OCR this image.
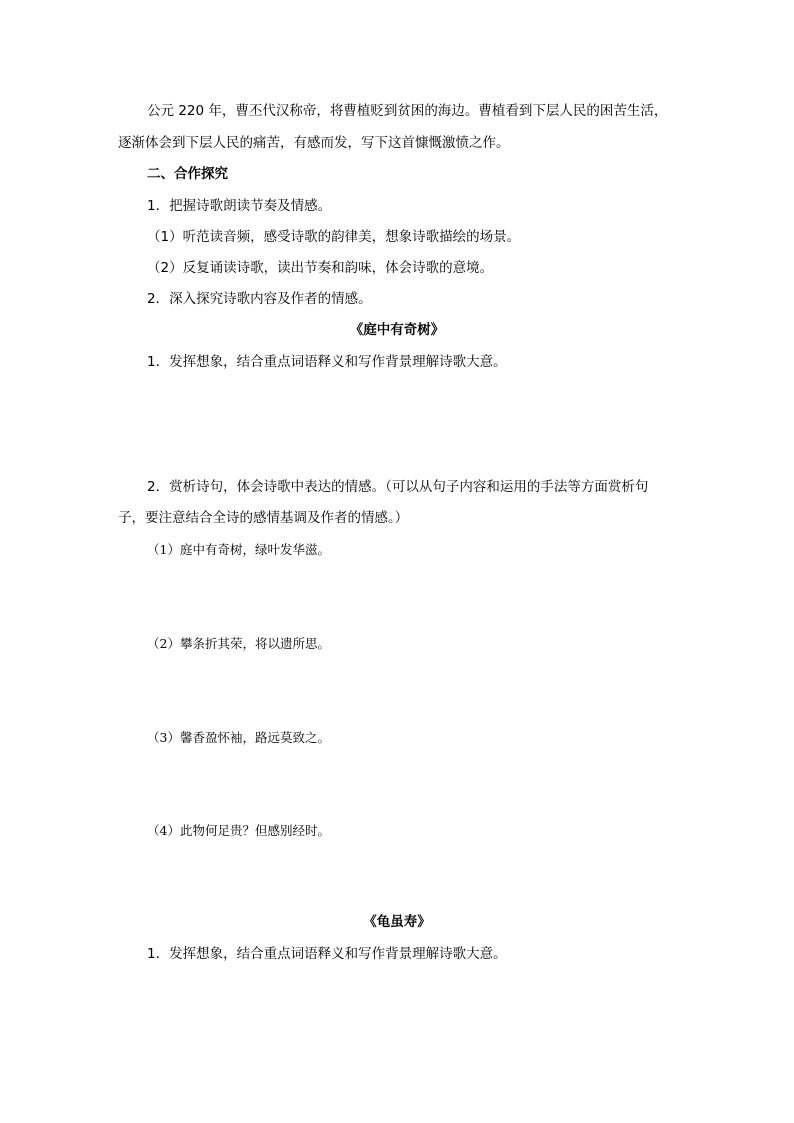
公元 220 年，曹丕代汉称帝，将曹植贬到贫困的海边。曹植看到下层人民的困苦生活，
逐渐体会到下层人民的痛苦，有感而发，写下这首慷慨激愤之作。
二、合作探究
1．把握诗歌朗读节奏及情感。
（1）听范读音频，感受诗歌的韵律美，想象诗歌描绘的场景。
（2）反复诵读诗歌，读出节奏和韵味，体会诗歌的意境。
2．深入探究诗歌内容及作者的情感。
《庭中有奇树》
1．发挥想象，结合重点词语释义和写作背景理解诗歌大意。
2．赏析诗句，体会诗歌中表达的情感。（可以从句子内容和运用的手法等方面赏析句
子，要注意结合全诗的感情基调及作者的情感。）
（1）庭中有奇树，绿叶发华滋。
（2）攀条折其荣，将以遗所思。
（3）馨香盈怀袖，路远莫致之。
（4）此物何足贵？但感别经时。
《龟虽寿》
1．发挥想象，结合重点词语释义和写作背景理解诗歌大意。
